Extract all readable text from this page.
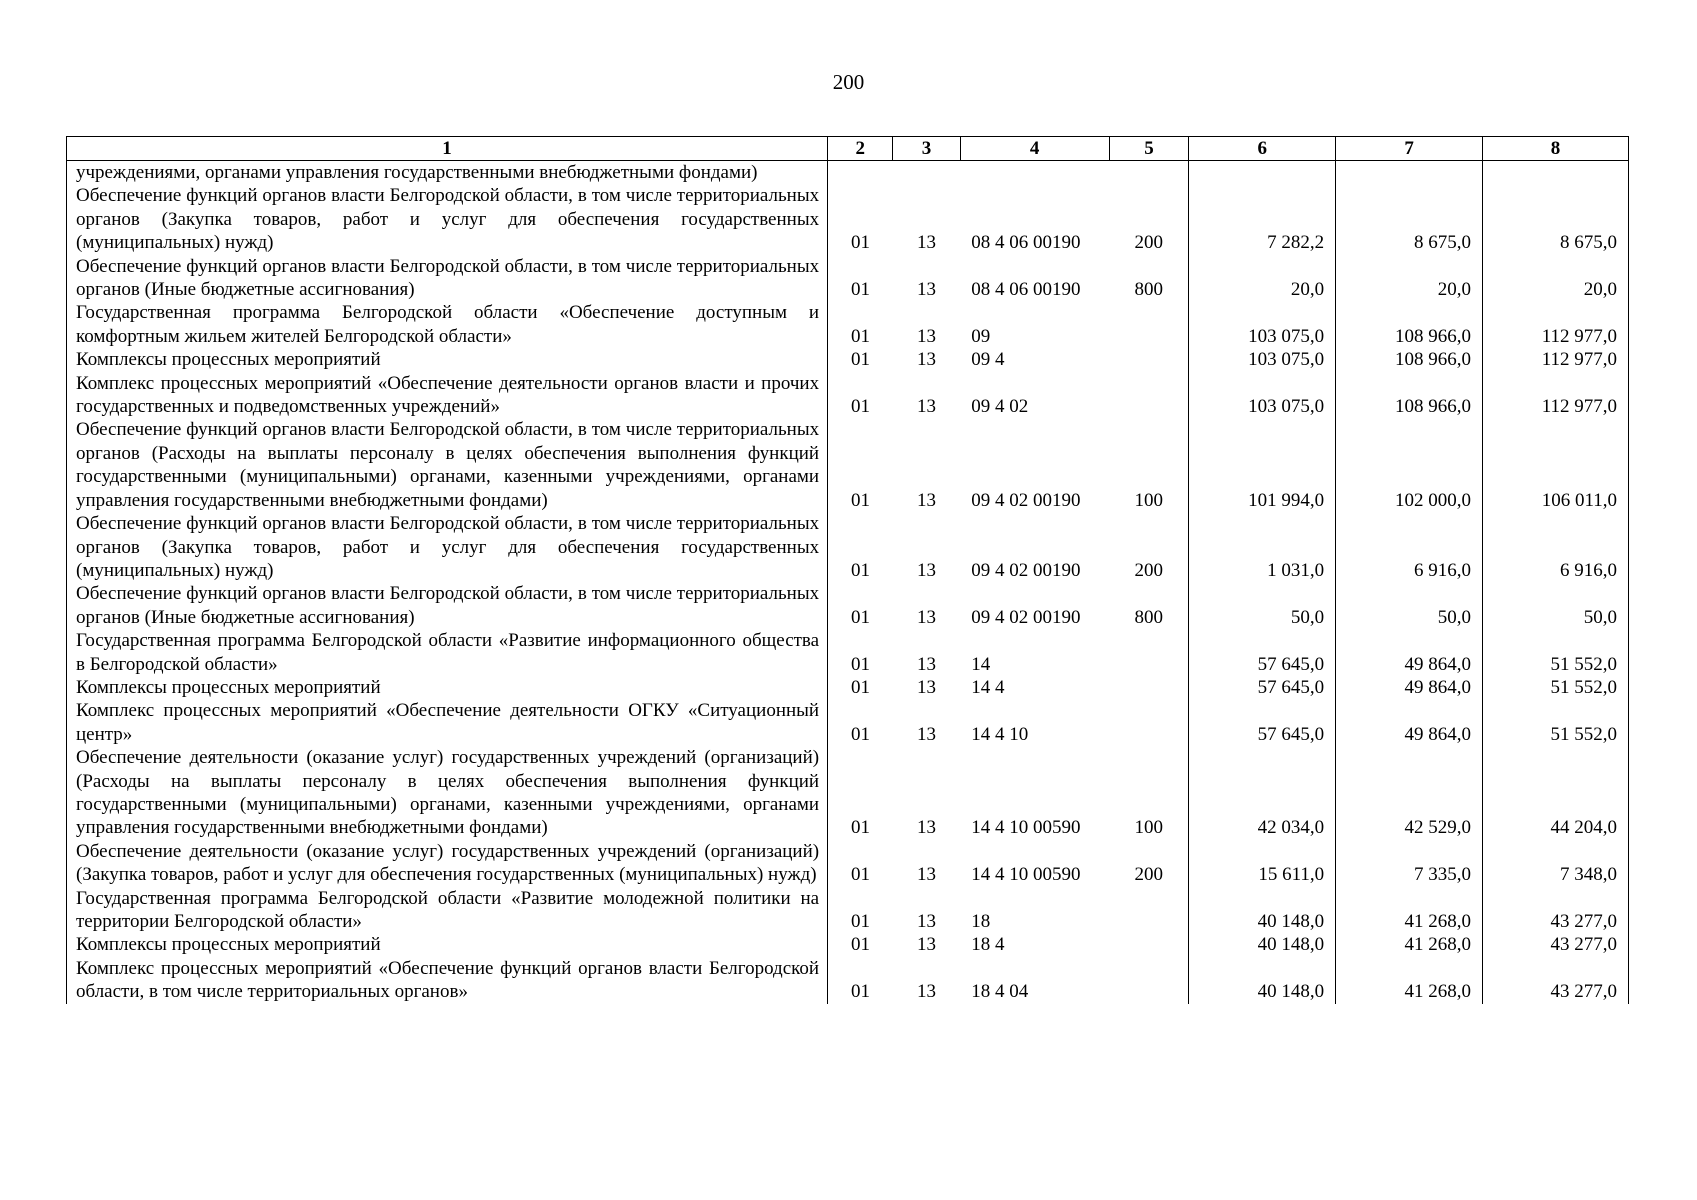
200
1	2	3	4	5	6	7	8
учреждениями, органами управления государственными внебюджетными фондами)							
Обеспечение функций органов власти Белгородской области, в том числе территориальных органов (Закупка товаров, работ и услуг для обеспечения государственных (муниципальных) нужд)	01	13	08 4 06 00190	200	7 282,2	8 675,0	8 675,0
Обеспечение функций органов власти Белгородской области, в том числе территориальных органов (Иные бюджетные ассигнования)	01	13	08 4 06 00190	800	20,0	20,0	20,0
Государственная программа Белгородской области «Обеспечение доступным и комфортным жильем жителей Белгородской области»	01	13	09		103 075,0	108 966,0	112 977,0
Комплексы процессных мероприятий	01	13	09 4		103 075,0	108 966,0	112 977,0
Комплекс процессных мероприятий «Обеспечение деятельности органов власти и прочих государственных и подведомственных учреждений»	01	13	09 4 02		103 075,0	108 966,0	112 977,0
Обеспечение функций органов власти Белгородской области, в том числе территориальных органов (Расходы на выплаты персоналу в целях обеспечения выполнения функций государственными (муниципальными) органами, казенными учреждениями, органами управления государственными внебюджетными фондами)	01	13	09 4 02 00190	100	101 994,0	102 000,0	106 011,0
Обеспечение функций органов власти Белгородской области, в том числе территориальных органов (Закупка товаров, работ и услуг для обеспечения государственных (муниципальных) нужд)	01	13	09 4 02 00190	200	1 031,0	6 916,0	6 916,0
Обеспечение функций органов власти Белгородской области, в том числе территориальных органов (Иные бюджетные ассигнования)	01	13	09 4 02 00190	800	50,0	50,0	50,0
Государственная программа Белгородской области «Развитие информационного общества в Белгородской области»	01	13	14		57 645,0	49 864,0	51 552,0
Комплексы процессных мероприятий	01	13	14 4		57 645,0	49 864,0	51 552,0
Комплекс процессных мероприятий «Обеспечение деятельности ОГКУ «Ситуационный центр»	01	13	14 4 10		57 645,0	49 864,0	51 552,0
Обеспечение деятельности (оказание услуг) государственных учреждений (организаций) (Расходы на выплаты персоналу в целях обеспечения выполнения функций государственными (муниципальными) органами, казенными учреждениями, органами управления государственными внебюджетными фондами)	01	13	14 4 10 00590	100	42 034,0	42 529,0	44 204,0
Обеспечение деятельности (оказание услуг) государственных учреждений (организаций) (Закупка товаров, работ и услуг для обеспечения государственных (муниципальных) нужд)	01	13	14 4 10 00590	200	15 611,0	7 335,0	7 348,0
Государственная программа Белгородской области «Развитие молодежной политики на территории Белгородской области»	01	13	18		40 148,0	41 268,0	43 277,0
Комплексы процессных мероприятий	01	13	18 4		40 148,0	41 268,0	43 277,0
Комплекс процессных мероприятий «Обеспечение функций органов власти Белгородской области, в том числе территориальных органов»	01	13	18 4 04		40 148,0	41 268,0	43 277,0
